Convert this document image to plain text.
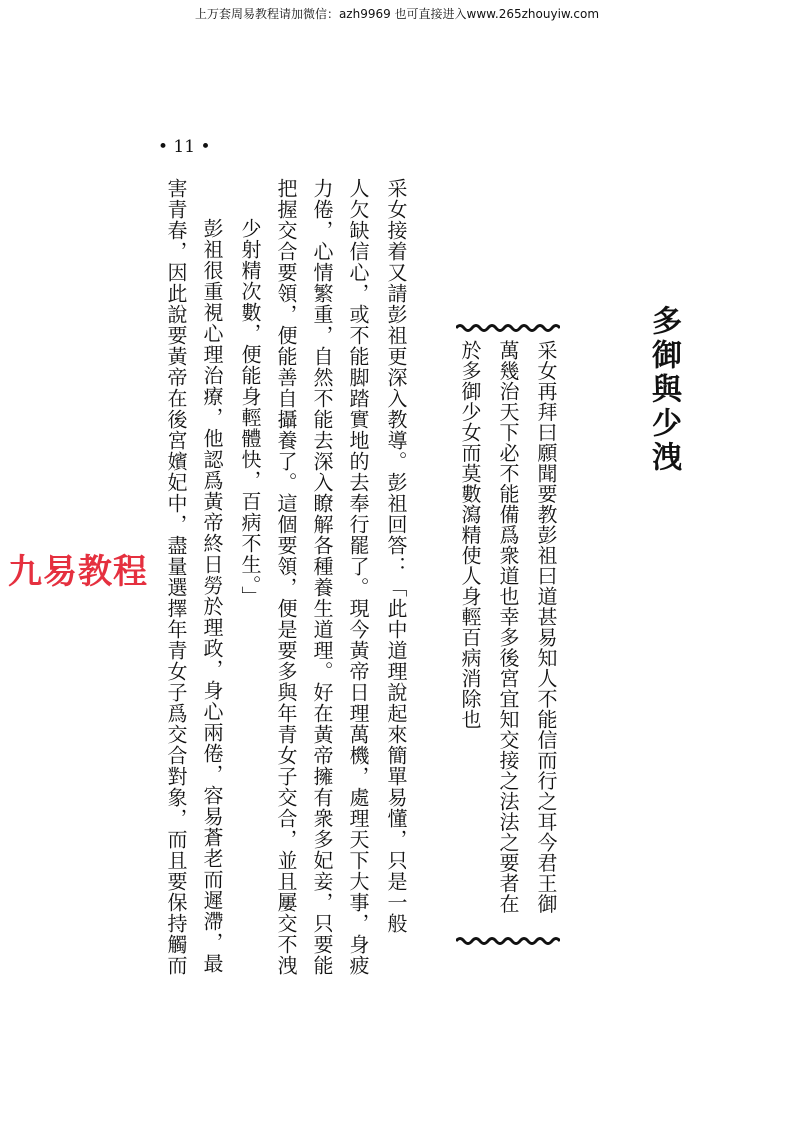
上万套周易教程请加微信：azh9969 也可直接进入www.265zhouyiw.com
• 11 •
多御與少洩
采女再拜曰願聞要教彭祖曰道甚易知人不能信而行之耳今君王御
萬幾治天下必不能備爲衆道也幸多後宮宜知交接之法法之要者在
於多御少女而莫數瀉精使人身輕百病消除也
采女接着又請彭祖更深入教導。彭祖回答：「此中道理說起來簡單易懂，只是一般
人欠缺信心，或不能脚踏實地的去奉行罷了。現今黃帝日理萬機，處理天下大事，身疲
力倦，心情繁重，自然不能去深入瞭解各種養生道理。好在黃帝擁有衆多妃妾，只要能
把握交合要領，便能善自攝養了。這個要領，便是要多與年青女子交合，並且屢交不洩
少射精次數，便能身輕體快，百病不生。」
彭祖很重視心理治療，他認爲黃帝終日勞於理政，身心兩倦，容易蒼老而遲滯，最
害青春，因此說要黃帝在後宮嬪妃中，盡量選擇年青女子爲交合對象，而且要保持觸而
九易教程
